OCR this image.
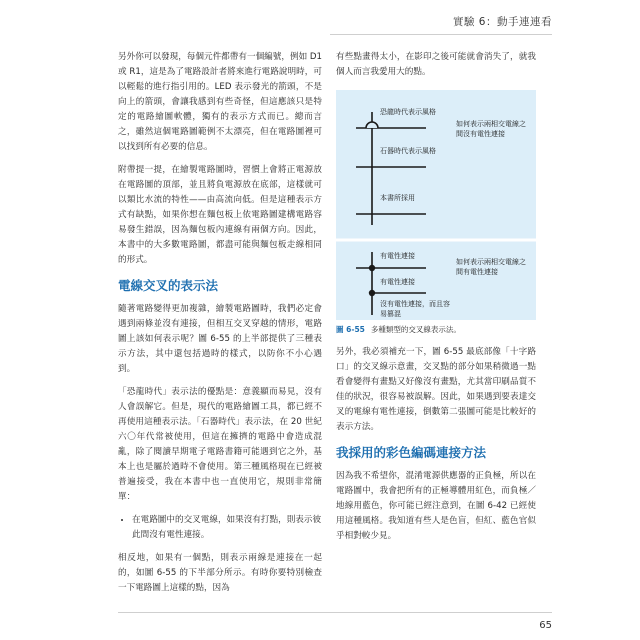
實驗 6：動手連連看

另外你可以發現，每個元件都帶有一個編號，例如 D1 或 R1，這是為了電路設計者將來進行電路說明時，可以輕鬆的進行指引用的。LED 表示發光的箭頭，不是向上的箭頭，會讓我感到有些奇怪，但這應該只是特定的電路繪圖軟體，獨有的表示方式而已。總而言之，雖然這個電路圖範例不太漂亮，但在電路圖裡可以找到所有必要的信息。

附帶提一提，在繪製電路圖時，習慣上會將正電源放在電路圖的頂部，並且將負電源放在底部，這樣就可以類比水流的特性——由高流向低。但是這種表示方式有缺點，如果你想在麵包板上依電路圖建構電路容易發生錯誤，因為麵包板內連線有兩個方向。因此，本書中的大多數電路圖，都盡可能與麵包板走線相同的形式。

電線交叉的表示法

隨著電路變得更加複雜，繪製電路圖時，我們必定會遇到兩條並沒有連接，但相互交叉穿越的情形，電路圖上該如何表示呢？圖 6-55 的上半部提供了三種表示方法，其中還包括過時的樣式，以防你不小心遇到。

「恐龍時代」表示法的優點是：意義顯而易見，沒有人會誤解它。但是，現代的電路繪圖工具，都已經不再使用這種表示法。「石器時代」表示法，在 20 世紀六〇年代常被使用，但這在擁擠的電路中會造成混亂，除了閱讀早期電子電路書籍可能遇到它之外，基本上也是屬於過時不會使用。第三種風格現在已經被普遍接受，我在本書中也一直使用它，規則非常簡單：

• 在電路圖中的交叉電線，如果沒有打點，則表示彼此間沒有電性連接。

相反地，如果有一個點，則表示兩線是連接在一起的，如圖 6-55 的下半部分所示。有時你要特別檢查一下電路圖上這樣的點，因為

有些點畫得太小，在影印之後可能就會消失了，就我個人而言我愛用大的點。

恐龍時代表示風格
石器時代表示風格
本書所採用
如何表示兩相交電線之間沒有電性連接
有電性連接
有電性連接
如何表示兩相交電線之間有電性連接
沒有電性連接，而且容易篡混
圖 6-55 多種類型的交叉線表示法。

另外，我必須補充一下，圖 6-55 最底部像「十字路口」的交叉線示意畫，交叉點的部分如果稍微過一點看會變得有畫點又好像沒有畫點，尤其當印刷品質不佳的狀況，很容易被誤解。因此，如果遇到要表達交叉的電線有電性連接，倒數第二張圖可能是比較好的表示方法。

我採用的彩色編碼連接方法

因為我不希望你，混淆電源供應器的正負極，所以在電路圖中，我會把所有的正極導體用紅色，而負極／地線用藍色，你可能已經注意到，在圖 6-42 已經使用這種風格。我知道有些人是色盲，但紅、藍色官似乎相對較少見。

65
